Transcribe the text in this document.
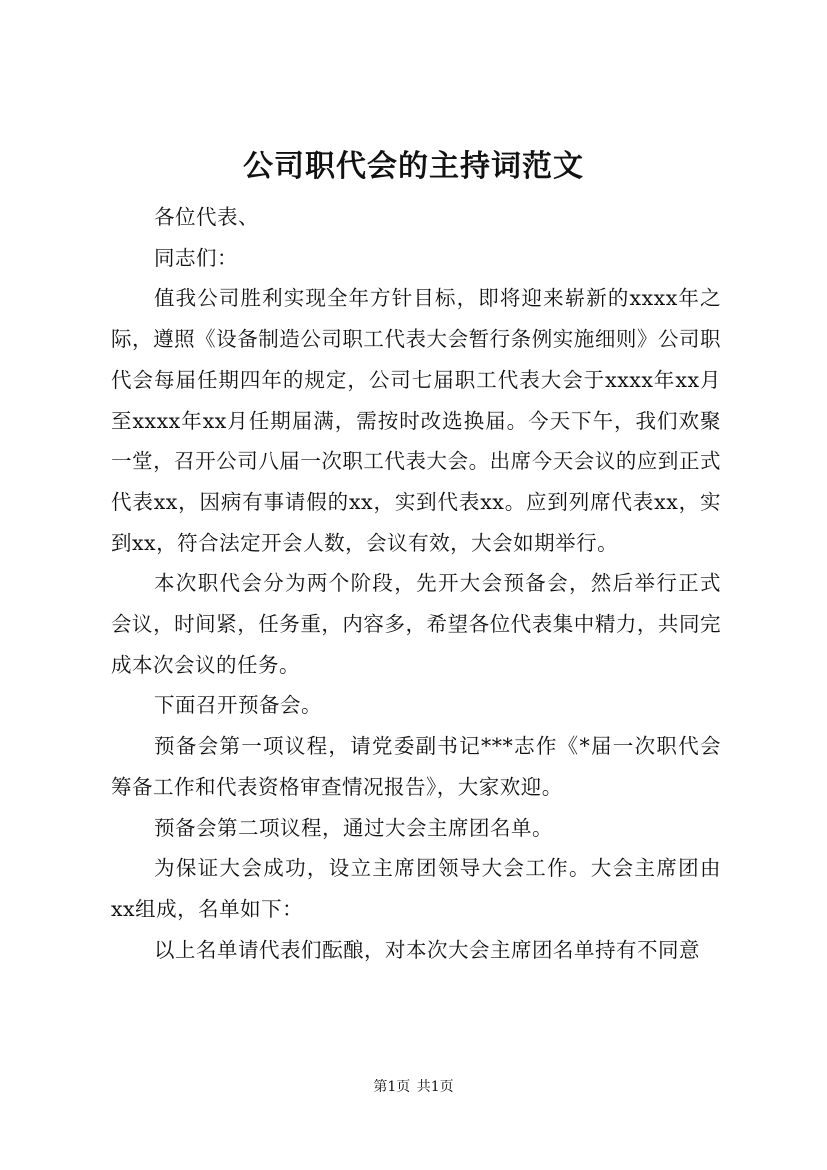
公司职代会的主持词范文

各位代表、

同志们：

值我公司胜利实现全年方针目标，即将迎来崭新的xxxx年之际，遵照《设备制造公司职工代表大会暂行条例实施细则》公司职代会每届任期四年的规定，公司七届职工代表大会于xxxx年xx月至xxxx年xx月任期届满，需按时改选换届。今天下午，我们欢聚一堂，召开公司八届一次职工代表大会。出席今天会议的应到正式代表xx，因病有事请假的xx，实到代表xx。应到列席代表xx，实到xx，符合法定开会人数，会议有效，大会如期举行。

本次职代会分为两个阶段，先开大会预备会，然后举行正式会议，时间紧，任务重，内容多，希望各位代表集中精力，共同完成本次会议的任务。

下面召开预备会。

预备会第一项议程，请党委副书记***志作《*届一次职代会筹备工作和代表资格审查情况报告》，大家欢迎。

预备会第二项议程，通过大会主席团名单。

为保证大会成功，设立主席团领导大会工作。大会主席团由xx组成，名单如下：

以上名单请代表们酝酿，对本次大会主席团名单持有不同意

第1页 共1页
